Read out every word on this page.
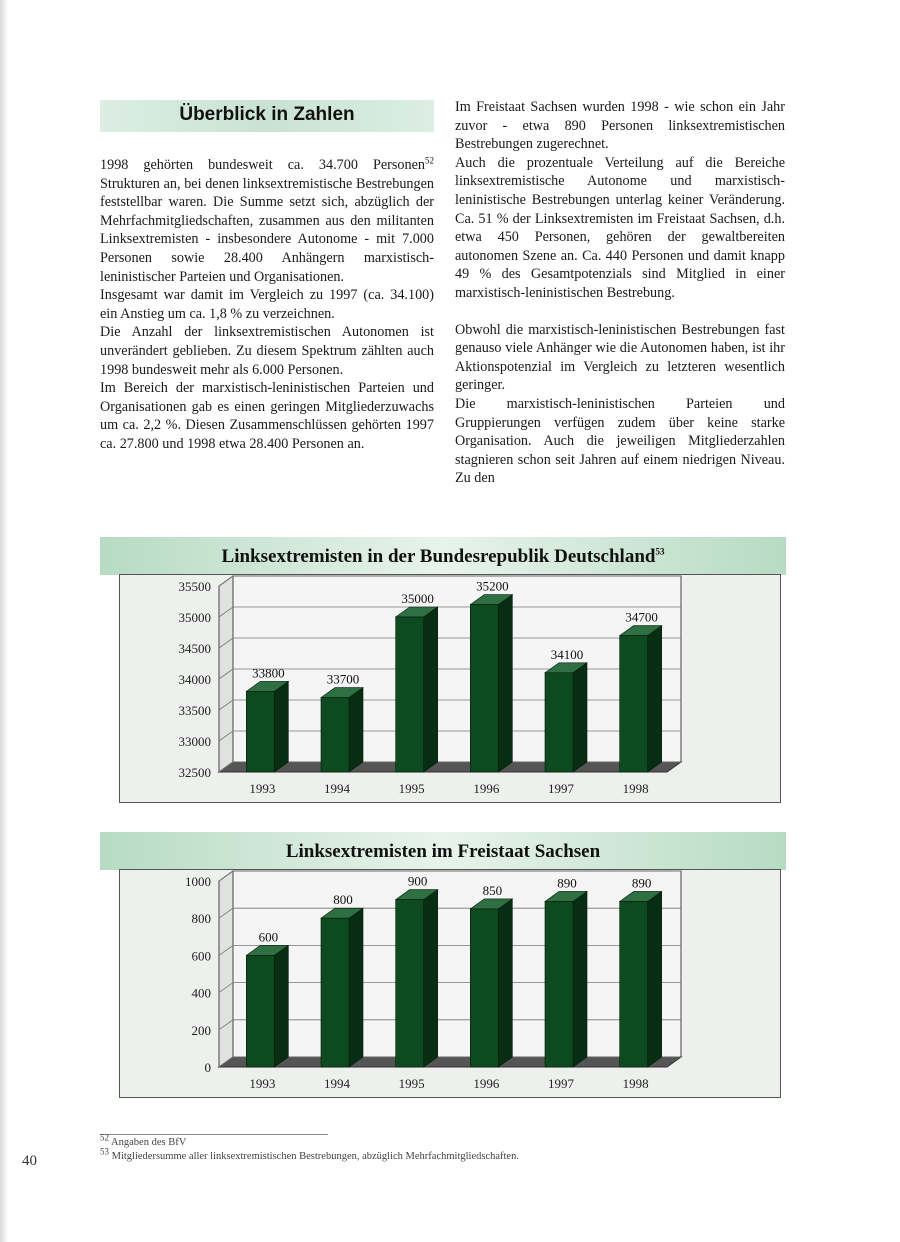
Überblick in Zahlen

1998 gehörten bundesweit ca. 34.700 Personen$^{52}$ Strukturen an, bei denen linksextremistische Bestrebungen feststellbar waren. Die Summe setzt sich, abzüglich der Mehrfachmitgliedschaften, zusammen aus den militanten Linksextremisten - insbesondere Autonome - mit 7.000 Personen sowie 28.400 Anhängern marxistisch-leninistischer Parteien und Organisationen.

Insgesamt war damit im Vergleich zu 1997 (ca. 34.100) ein Anstieg um ca. 1,8 % zu verzeichnen.

Die Anzahl der linksextremistischen Autonomen ist unverändert geblieben. Zu diesem Spektrum zählten auch 1998 bundesweit mehr als 6.000 Personen.

Im Bereich der marxistisch-leninistischen Parteien und Organisationen gab es einen geringen Mitgliederzuwachs um ca. 2,2 %. Diesen Zusammenschlüssen gehörten 1997 ca. 27.800 und 1998 etwa 28.400 Personen an.

Im Freistaat Sachsen wurden 1998 - wie schon ein Jahr zuvor - etwa 890 Personen linksextremistischen Bestrebungen zugerechnet.

Auch die prozentuale Verteilung auf die Bereiche linksextremistische Autonome und marxistisch-leninistische Bestrebungen unterlag keiner Veränderung. Ca. 51 % der Linksextremisten im Freistaat Sachsen, d.h. etwa 450 Personen, gehören der gewaltbereiten autonomen Szene an. Ca. 440 Personen und damit knapp 49 % des Gesamtpotenzials sind Mitglied in einer marxistisch-leninistischen Bestrebung.

Obwohl die marxistisch-leninistischen Bestrebungen fast genauso viele Anhänger wie die Autonomen haben, ist ihr Aktionspotenzial im Vergleich zu letzteren wesentlich geringer.

Die marxistisch-leninistischen Parteien und Gruppierungen verfügen zudem über keine starke Organisation. Auch die jeweiligen Mitgliederzahlen stagnieren schon seit Jahren auf einem niedrigen Niveau. Zu den

Linksextremisten in der Bundesrepublik Deutschland$^{53}$
32500
33000
33500
34000
34500
35000
35500
33800
1993
33700
1994
35000
1995
35200
1996
34100
1997
34700
1998
Linksextremisten im Freistaat Sachsen
0
200
400
600
800
1000
600
1993
800
1994
900
1995
850
1996
890
1997
890
1998
$^{52}$ Angaben des BfV
$^{53}$ Mitgliedersumme aller linksextremistischen Bestrebungen, abzüglich Mehrfachmitgliedschaften.
40
